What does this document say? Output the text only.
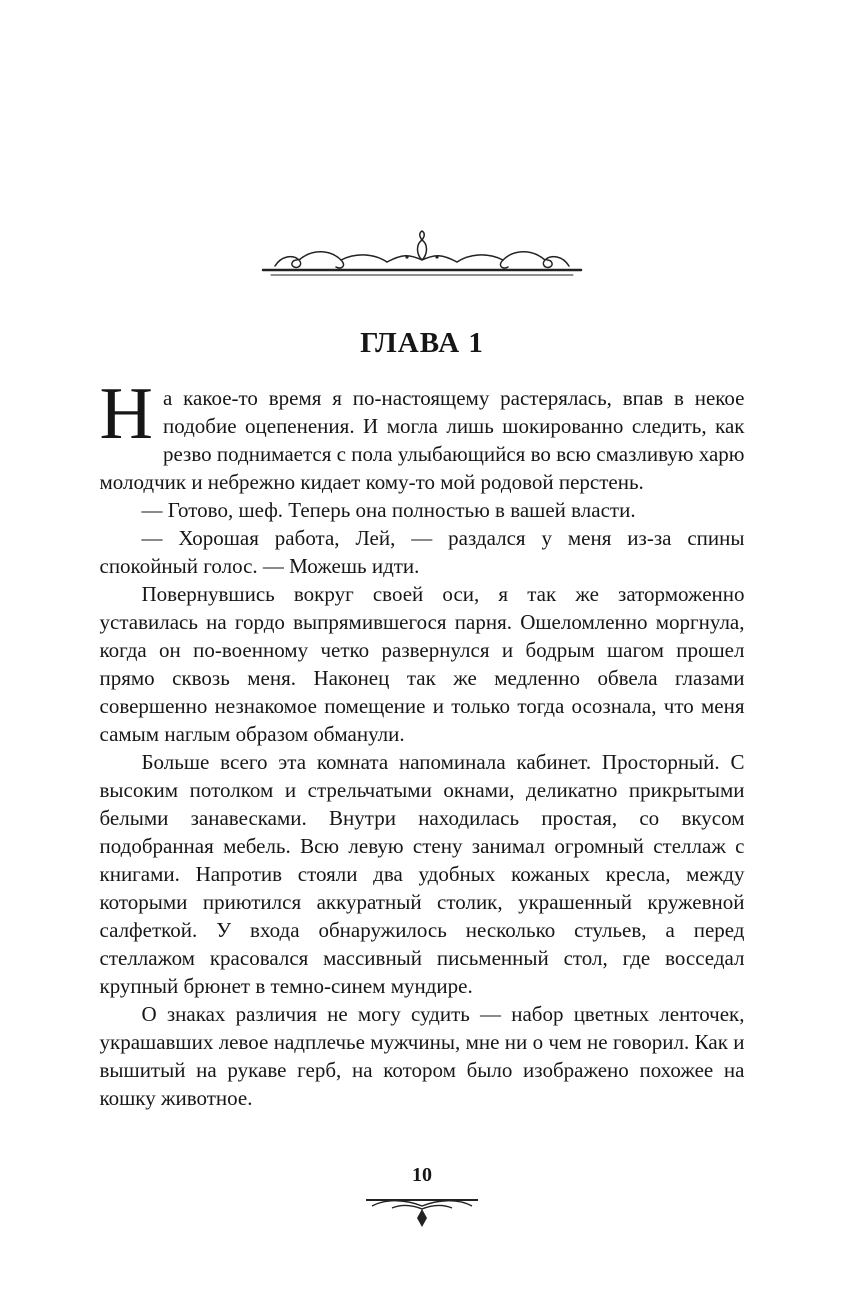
ГЛАВА 1

На какое-то время я по-настоящему растерялась, впав в некое подобие оцепенения. И могла лишь шокированно следить, как резво поднимается с пола улыбающийся во всю смазливую харю молодчик и небрежно кидает кому-то мой родовой перстень.

— Готово, шеф. Теперь она полностью в вашей власти.

— Хорошая работа, Лей, — раздался у меня из-за спины спокойный голос. — Можешь идти.

Повернувшись вокруг своей оси, я так же заторможенно уставилась на гордо выпрямившегося парня. Ошеломленно моргнула, когда он по-военному четко развернулся и бодрым шагом прошел прямо сквозь меня. Наконец так же медленно обвела глазами совершенно незнакомое помещение и только тогда осознала, что меня самым наглым образом обманули.

Больше всего эта комната напоминала кабинет. Просторный. С высоким потолком и стрельчатыми окнами, деликатно прикрытыми белыми занавесками. Внутри находилась простая, со вкусом подобранная мебель. Всю левую стену занимал огромный стеллаж с книгами. Напротив стояли два удобных кожаных кресла, между которыми приютился аккуратный столик, украшенный кружевной салфеткой. У входа обнаружилось несколько стульев, а перед стеллажом красовался массивный письменный стол, где восседал крупный брюнет в темно-синем мундире.

О знаках различия не могу судить — набор цветных ленточек, украшавших левое надплечье мужчины, мне ни о чем не говорил. Как и вышитый на рукаве герб, на котором было изображено похожее на кошку животное.

10
